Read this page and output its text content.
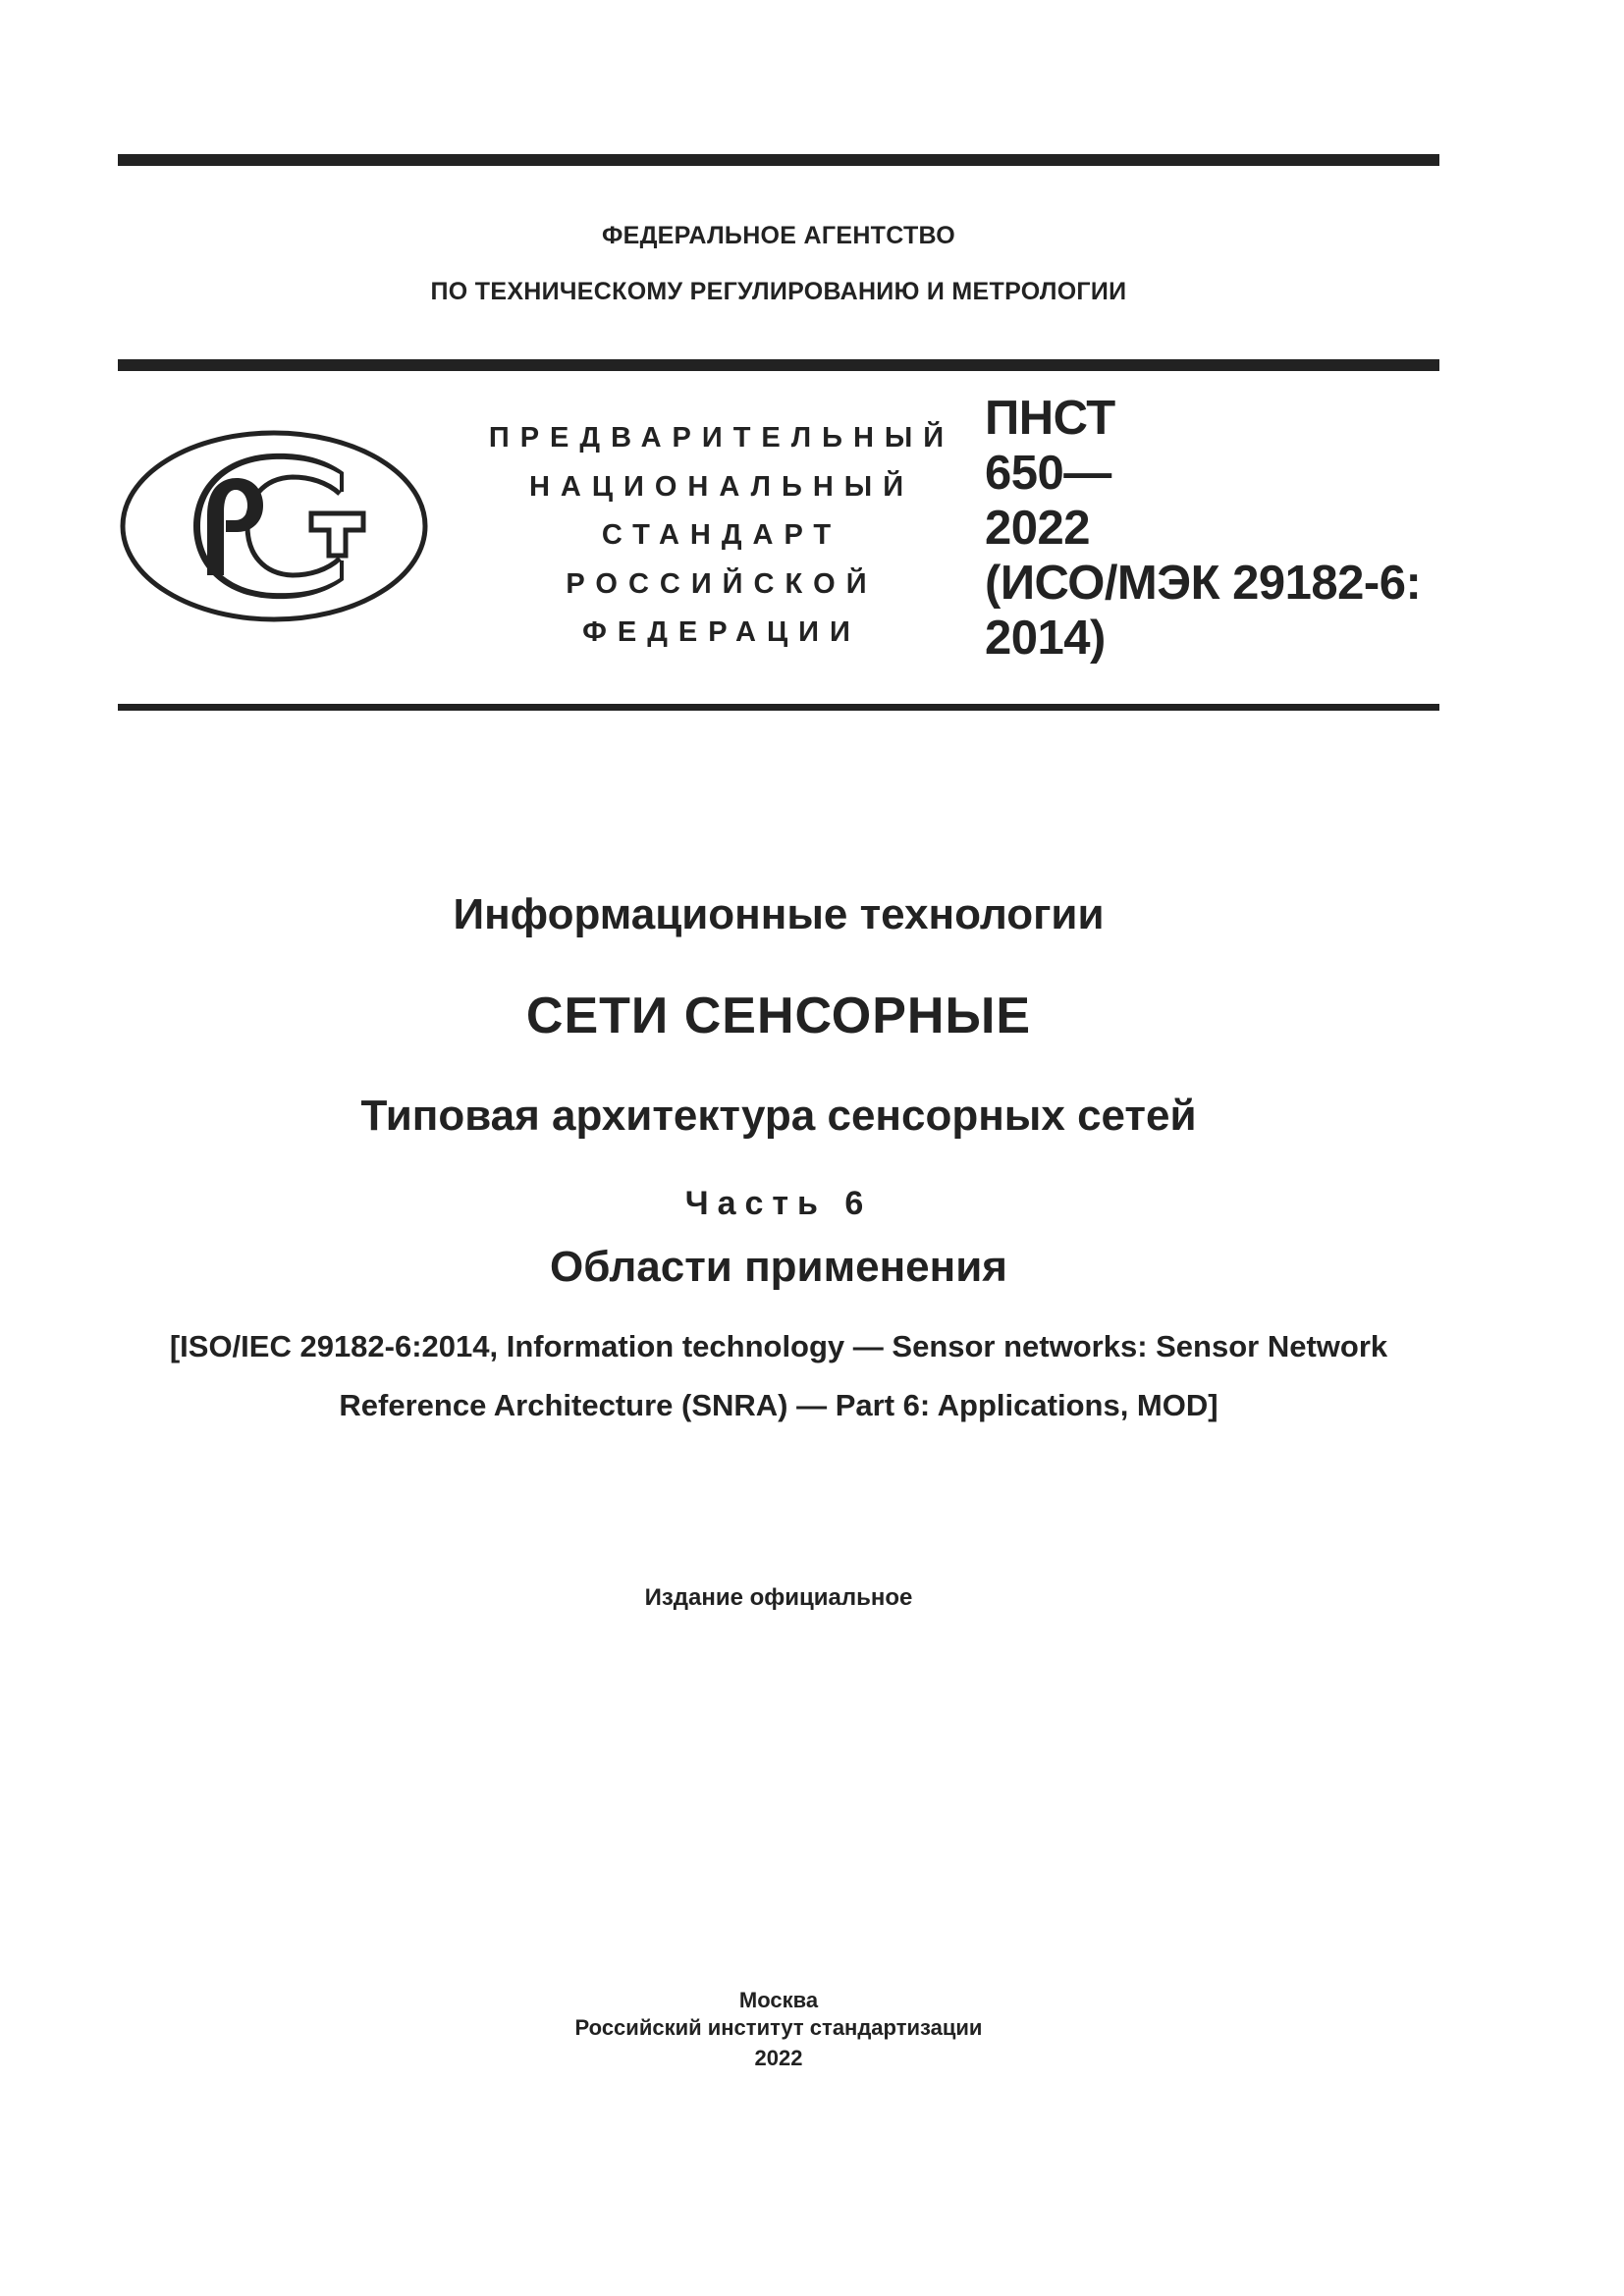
ФЕДЕРАЛЬНОЕ АГЕНТСТВО
ПО ТЕХНИЧЕСКОМУ РЕГУЛИРОВАНИЮ И МЕТРОЛОГИИ
ПРЕДВАРИТЕЛЬНЫЙ
НАЦИОНАЛЬНЫЙ
СТАНДАРТ
РОССИЙСКОЙ
ФЕДЕРАЦИИ
ПНСТ
650—
2022
(ИСО/МЭК 29182-6:
2014)
Информационные технологии
СЕТИ СЕНСОРНЫЕ
Типовая архитектура сенсорных сетей
Часть 6
Области применения
[ISO/IEC 29182-6:2014, Information technology — Sensor networks: Sensor Network
Reference Architecture (SNRA) — Part 6: Applications, MOD]
Издание официальное
Москва
Российский институт стандартизации
2022
